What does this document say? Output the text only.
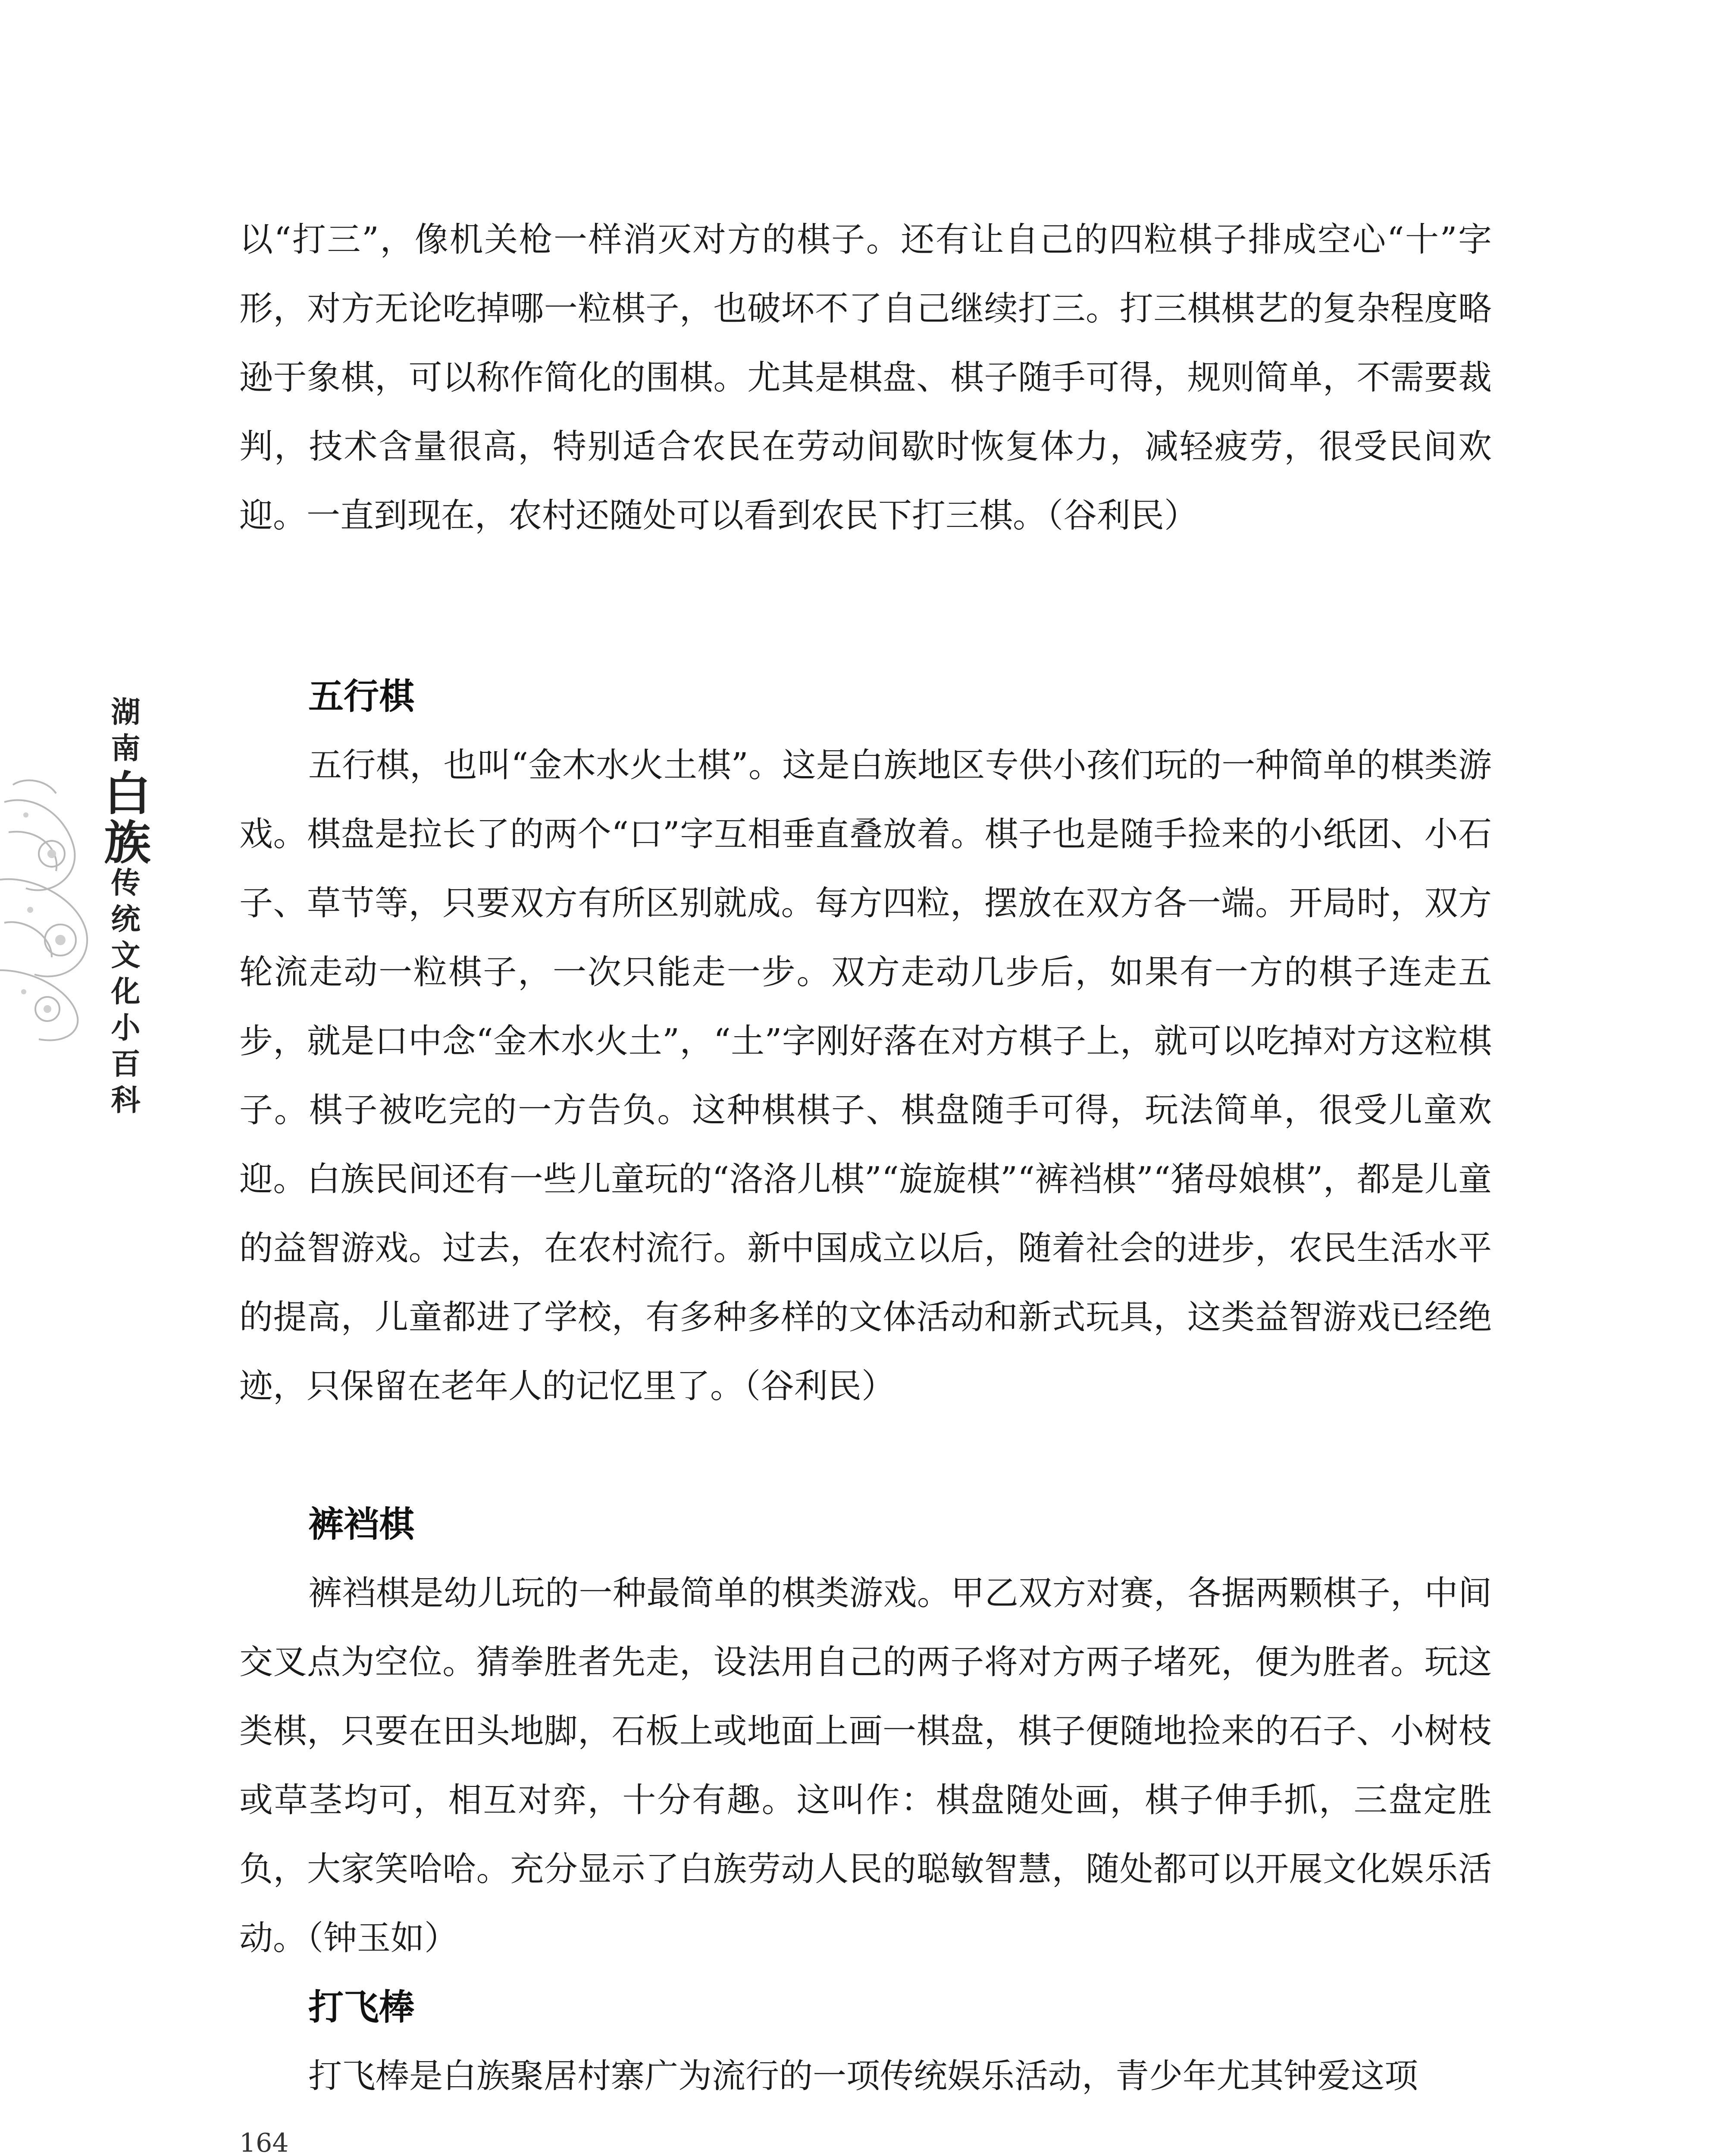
湖南白族传统文化小百科

以“打三”，像机关枪一样消灭对方的棋子。还有让自己的四粒棋子排成空心“十”字形，对方无论吃掉哪一粒棋子，也破坏不了自己继续打三。打三棋棋艺的复杂程度略逊于象棋，可以称作简化的围棋。尤其是棋盘、棋子随手可得，规则简单，不需要裁判，技术含量很高，特别适合农民在劳动间歇时恢复体力，减轻疲劳，很受民间欢迎。一直到现在，农村还随处可以看到农民下打三棋。（谷利民）

五行棋

五行棋，也叫“金木水火土棋”。这是白族地区专供小孩们玩的一种简单的棋类游戏。棋盘是拉长了的两个“口”字互相垂直叠放着。棋子也是随手捡来的小纸团、小石子、草节等，只要双方有所区别就成。每方四粒，摆放在双方各一端。开局时，双方轮流走动一粒棋子，一次只能走一步。双方走动几步后，如果有一方的棋子连走五步，就是口中念“金木水火土”，“土”字刚好落在对方棋子上，就可以吃掉对方这粒棋子。棋子被吃完的一方告负。这种棋棋子、棋盘随手可得，玩法简单，很受儿童欢迎。白族民间还有一些儿童玩的“洛洛儿棋”“旋旋棋”“裤裆棋”“猪母娘棋”，都是儿童的益智游戏。过去，在农村流行。新中国成立以后，随着社会的进步，农民生活水平的提高，儿童都进了学校，有多种多样的文体活动和新式玩具，这类益智游戏已经绝迹，只保留在老年人的记忆里了。（谷利民）

裤裆棋

裤裆棋是幼儿玩的一种最简单的棋类游戏。甲乙双方对赛，各据两颗棋子，中间交叉点为空位。猜拳胜者先走，设法用自己的两子将对方两子堵死，便为胜者。玩这类棋，只要在田头地脚，石板上或地面上画一棋盘，棋子便随地捡来的石子、小树枝或草茎均可，相互对弈，十分有趣。这叫作：棋盘随处画，棋子伸手抓，三盘定胜负，大家笑哈哈。充分显示了白族劳动人民的聪敏智慧，随处都可以开展文化娱乐活动。（钟玉如）

打飞棒

打飞棒是白族聚居村寨广为流行的一项传统娱乐活动，青少年尤其钟爱这项

164
